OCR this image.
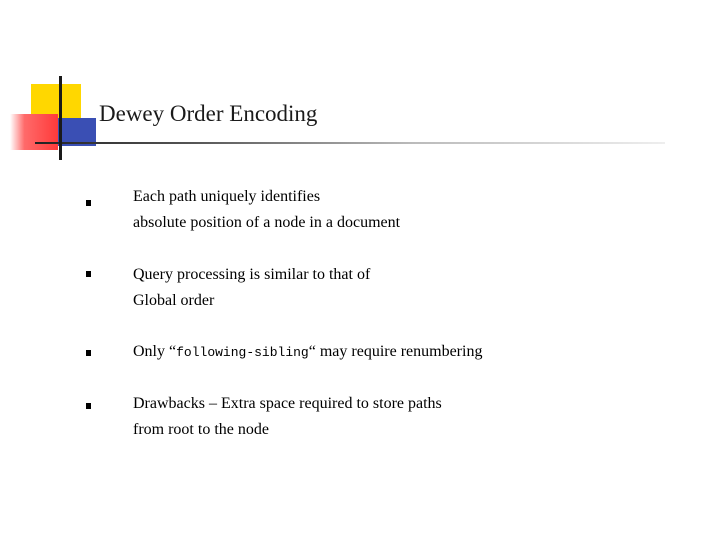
Dewey Order Encoding
Each path uniquely identifies
absolute position of a node in a document
Query processing is similar to that of
Global order
Only “following-sibling“ may require renumbering
Drawbacks – Extra space required to store paths
from root to the node
